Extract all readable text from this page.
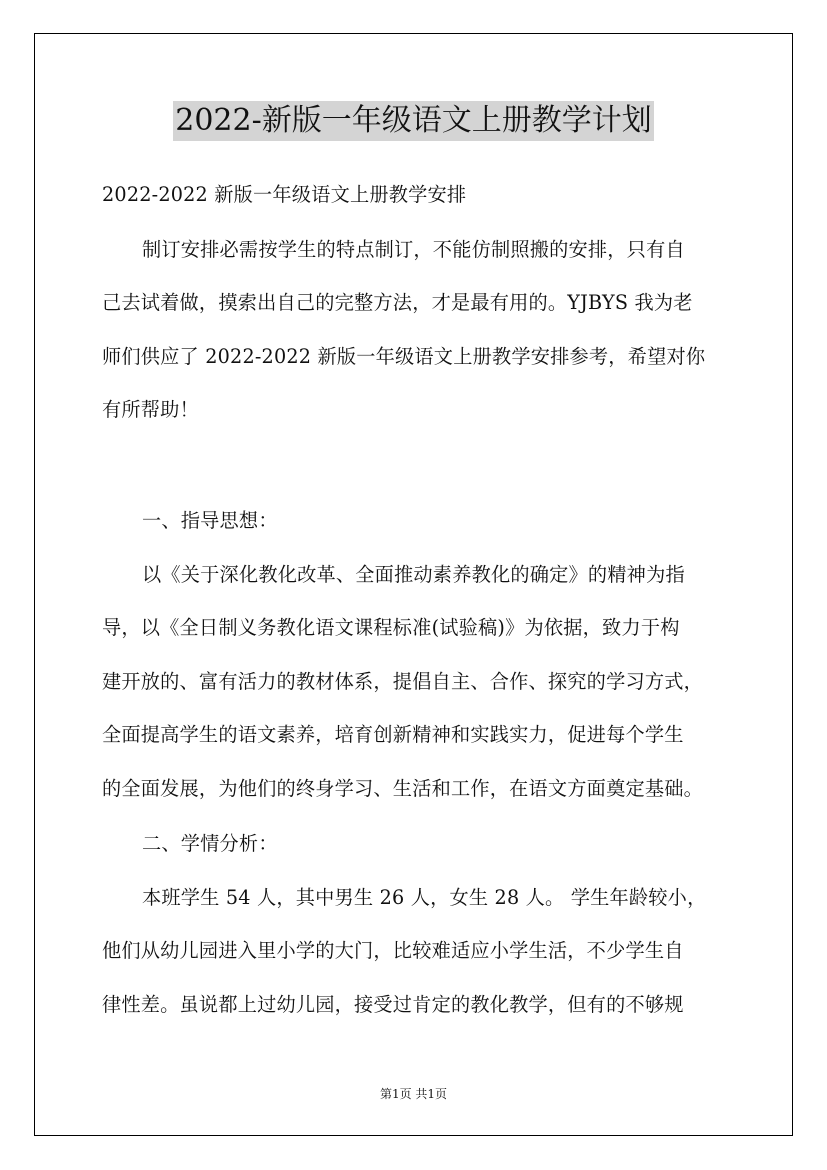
2022-新版一年级语文上册教学计划
2022-2022 新版一年级语文上册教学安排
制订安排必需按学生的特点制订，不能仿制照搬的安排，只有自
己去试着做，摸索出自己的完整方法，才是最有用的。YJBYS 我为老
师们供应了 2022-2022 新版一年级语文上册教学安排参考，希望对你
有所帮助！
一、指导思想：
以《关于深化教化改革、全面推动素养教化的确定》的精神为指
导，以《全日制义务教化语文课程标准(试验稿)》为依据，致力于构
建开放的、富有活力的教材体系，提倡自主、合作、探究的学习方式，
全面提高学生的语文素养，培育创新精神和实践实力，促进每个学生
的全面发展，为他们的终身学习、生活和工作，在语文方面奠定基础。
二、学情分析：
本班学生 54 人，其中男生 26 人，女生 28 人。 学生年龄较小，
他们从幼儿园进入里小学的大门，比较难适应小学生活，不少学生自
律性差。虽说都上过幼儿园，接受过肯定的教化教学，但有的不够规
第1页 共1页
